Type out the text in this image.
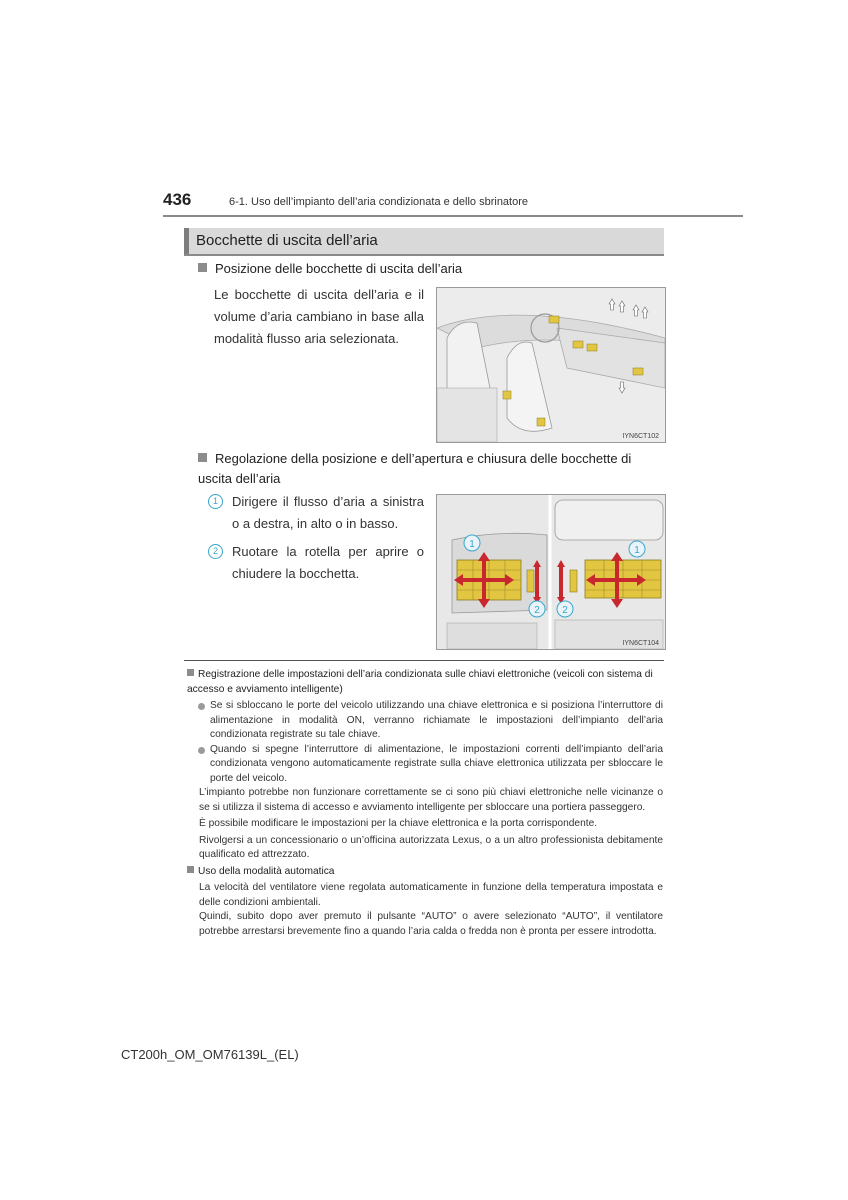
436	6-1. Uso dell’impianto dell’aria condizionata e dello sbrinatore
Bocchette di uscita dell’aria
Posizione delle bocchette di uscita dell’aria
Le bocchette di uscita dell’aria e il volume d’aria cambiano in base alla modalità flusso aria selezionata.
IYN6CT102
Regolazione della posizione e dell’apertura e chiusura delle bocchette di uscita dell’aria
1	Dirigere il flusso d’aria a sinistra o a destra, in alto o in basso.
2	Ruotare la rotella per aprire o chiudere la bocchetta.
1
2
1
2
IYN6CT104

Registrazione delle impostazioni dell’aria condizionata sulle chiavi elettroniche (veicoli con sistema di accesso e avviamento intelligente)

Se si sbloccano le porte del veicolo utilizzando una chiave elettronica e si posiziona l’interruttore di alimentazione in modalità ON, verranno richiamate le impostazioni dell’impianto dell’aria condizionata registrate su tale chiave.
Quando si spegne l’interruttore di alimentazione, le impostazioni correnti dell’impianto dell’aria condizionata vengono automaticamente registrate sulla chiave elettronica utilizzata per sbloccare le porte del veicolo.

L’impianto potrebbe non funzionare correttamente se ci sono più chiavi elettroniche nelle vicinanze o se si utilizza il sistema di accesso e avviamento intelligente per sbloccare una portiera passeggero.

È possibile modificare le impostazioni per la chiave elettronica e la porta corrispondente.

Rivolgersi a un concessionario o un’officina autorizzata Lexus, o a un altro professionista debitamente qualificato ed attrezzato.

Uso della modalità automatica

La velocità del ventilatore viene regolata automaticamente in funzione della temperatura impostata e delle condizioni ambientali.

Quindi, subito dopo aver premuto il pulsante “AUTO” o avere selezionato “AUTO”, il ventilatore potrebbe arrestarsi brevemente fino a quando l’aria calda o fredda non è pronta per essere introdotta.

CT200h_OM_OM76139L_(EL)
